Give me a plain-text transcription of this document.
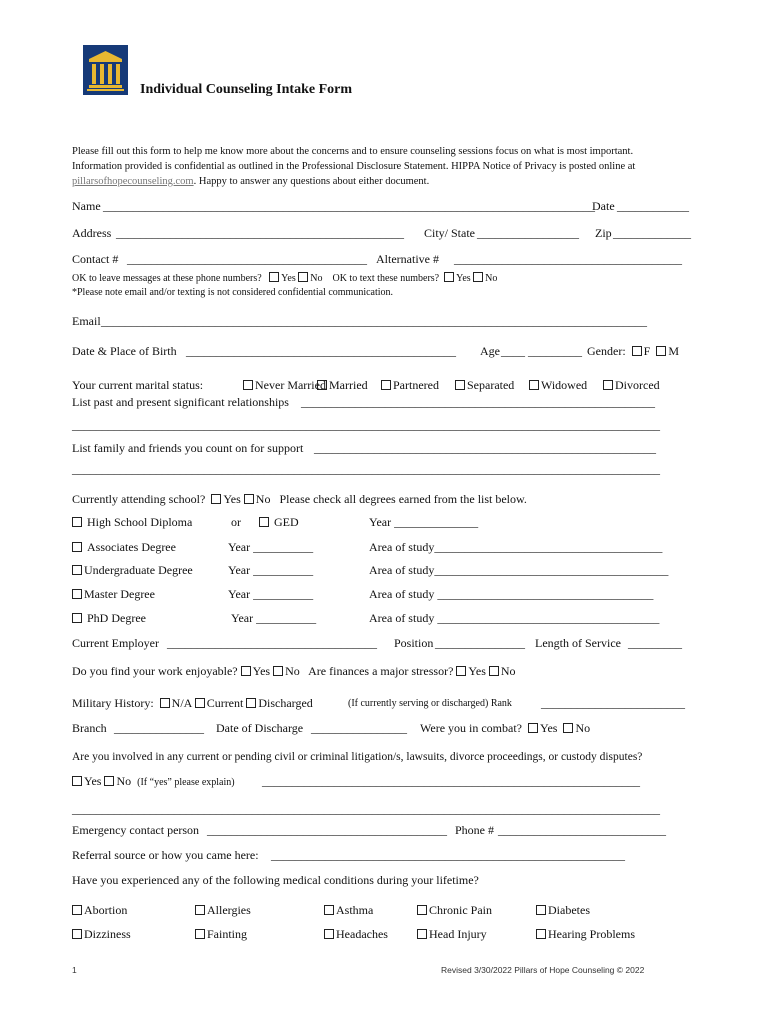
Individual Counseling Intake Form
Please fill out this form to help me know more about the concerns and to ensure counseling sessions focus on what is most important.
Information provided is confidential as outlined in the Professional Disclosure Statement. HIPPA Notice of Privacy is posted online at
pillarsofhopecounseling.com. Happy to answer any questions about either document.
Name __________________________________________________________________________________
Date ____________
Address ________________________________________________ City/ State _________________ Zip _____________
Contact # ________________________________________ Alternative # ______________________________________
OK to leave messages at these phone numbers? Yes No OK to text these numbers? Yes No
*Please note email and/or texting is not considered confidential communication.
Email ___________________________________________________________________________________________
Date & Place of Birth _____________________________________________ Age ____ _________ Gender: F M
Your current marital status:	Never Married Married	Partnered	Separated	Widowed	Divorced
List past and present significant relationships ___________________________________________________________
__________________________________________________________________________________________________
List family and friends you count on for support _________________________________________________________
__________________________________________________________________________________________________
Currently attending school? Yes No Please check all degrees earned from the list below.
High School Diploma	or	GED	Year ______________
Associates Degree	Year __________	Area of study______________________________________
Undergraduate Degree	Year __________	Area of study_______________________________________
Master Degree	Year __________	Area of study ____________________________________
PhD Degree	Year __________	Area of study _____________________________________
Current Employer ___________________________________ Position _______________ Length of Service _________
Do you find your work enjoyable? Yes No Are finances a major stressor? Yes No
Military History: N/A Current Discharged	(If currently serving or discharged) Rank ________________________
Branch _______________ Date of Discharge ________________ Were you in combat? Yes No
Are you involved in any current or pending civil or criminal litigation/s, lawsuits, divorce proceedings, or custody disputes?
Yes No (If “yes” please explain) _______________________________________________________________
__________________________________________________________________________________________________
Emergency contact person ________________________________________ Phone # ____________________________
Referral source or how you came here: ___________________________________________________________
Have you experienced any of the following medical conditions during your lifetime?
Abortion	Allergies	Asthma	Chronic Pain	Diabetes
Dizziness	Fainting	Headaches	Head Injury	Hearing Problems
1	Revised 3/30/2022 Pillars of Hope Counseling © 2022
